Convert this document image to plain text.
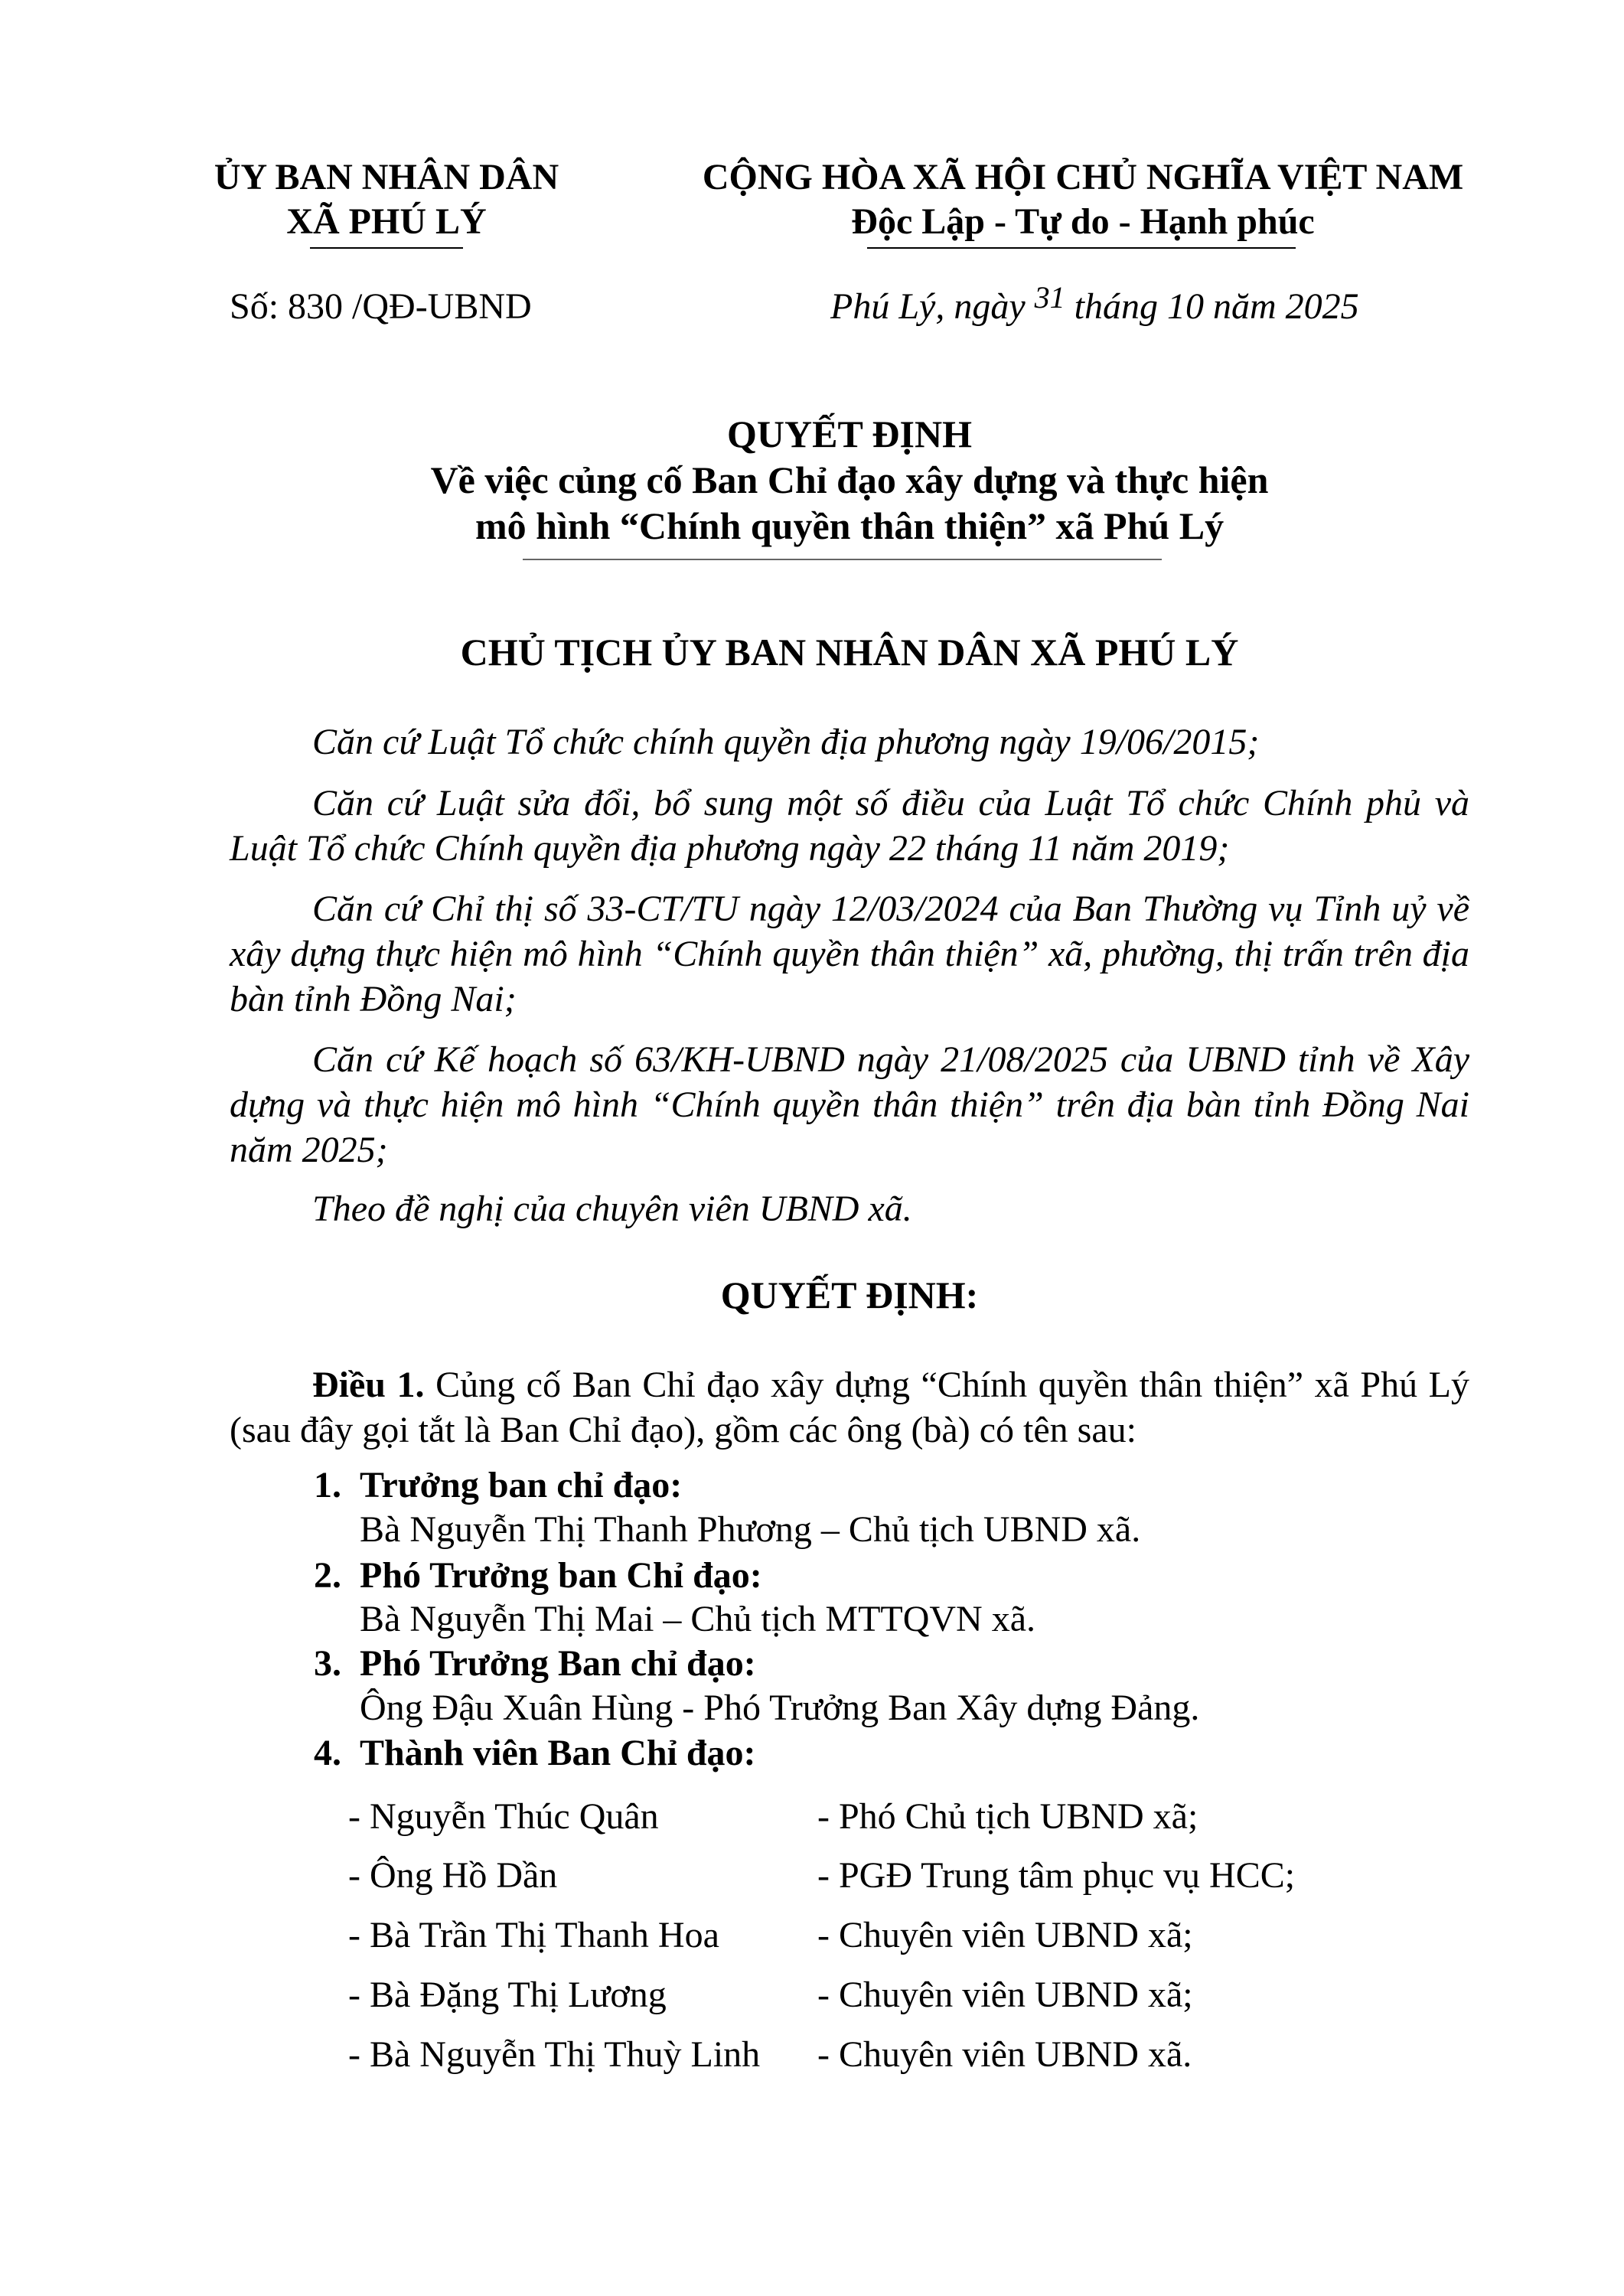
ỦY BAN NHÂN DÂN
XÃ PHÚ LÝ
CỘNG HÒA XÃ HỘI CHỦ NGHĨA VIỆT NAM
Độc Lập - Tự do - Hạnh phúc
Số: 830 /QĐ-UBND	Phú Lý, ngày $^{31}$ tháng 10 năm 2025
QUYẾT ĐỊNH
Về việc củng cố Ban Chỉ đạo xây dựng và thực hiện
mô hình “Chính quyền thân thiện” xã Phú Lý
CHỦ TỊCH ỦY BAN NHÂN DÂN XÃ PHÚ LÝ
Căn cứ Luật Tổ chức chính quyền địa phương ngày 19/06/2015;
Căn cứ Luật sửa đổi, bổ sung một số điều của Luật Tổ chức Chính phủ và Luật Tổ chức Chính quyền địa phương ngày 22 tháng 11 năm 2019;
Căn cứ Chỉ thị số 33-CT/TU ngày 12/03/2024 của Ban Thường vụ Tỉnh uỷ về xây dựng thực hiện mô hình “Chính quyền thân thiện” xã, phường, thị trấn trên địa bàn tỉnh Đồng Nai;
Căn cứ Kế hoạch số 63/KH-UBND ngày 21/08/2025 của UBND tỉnh về Xây dựng và thực hiện mô hình “Chính quyền thân thiện” trên địa bàn tỉnh Đồng Nai năm 2025;
Theo đề nghị của chuyên viên UBND xã.
QUYẾT ĐỊNH:
Điều 1. Củng cố Ban Chỉ đạo xây dựng “Chính quyền thân thiện” xã Phú Lý (sau đây gọi tắt là Ban Chỉ đạo), gồm các ông (bà) có tên sau:
1. Trưởng ban chỉ đạo:
Bà Nguyễn Thị Thanh Phương – Chủ tịch UBND xã.
2. Phó Trưởng ban Chỉ đạo:
Bà Nguyễn Thị Mai – Chủ tịch MTTQVN xã.
3. Phó Trưởng Ban chỉ đạo:
Ông Đậu Xuân Hùng - Phó Trưởng Ban Xây dựng Đảng.
4. Thành viên Ban Chỉ đạo:
- Nguyễn Thúc Quân	- Phó Chủ tịch UBND xã;
- Ông Hồ Dần	- PGĐ Trung tâm phục vụ HCC;
- Bà Trần Thị Thanh Hoa	- Chuyên viên UBND xã;
- Bà Đặng Thị Lương	- Chuyên viên UBND xã;
- Bà Nguyễn Thị Thuỳ Linh - Chuyên viên UBND xã.
